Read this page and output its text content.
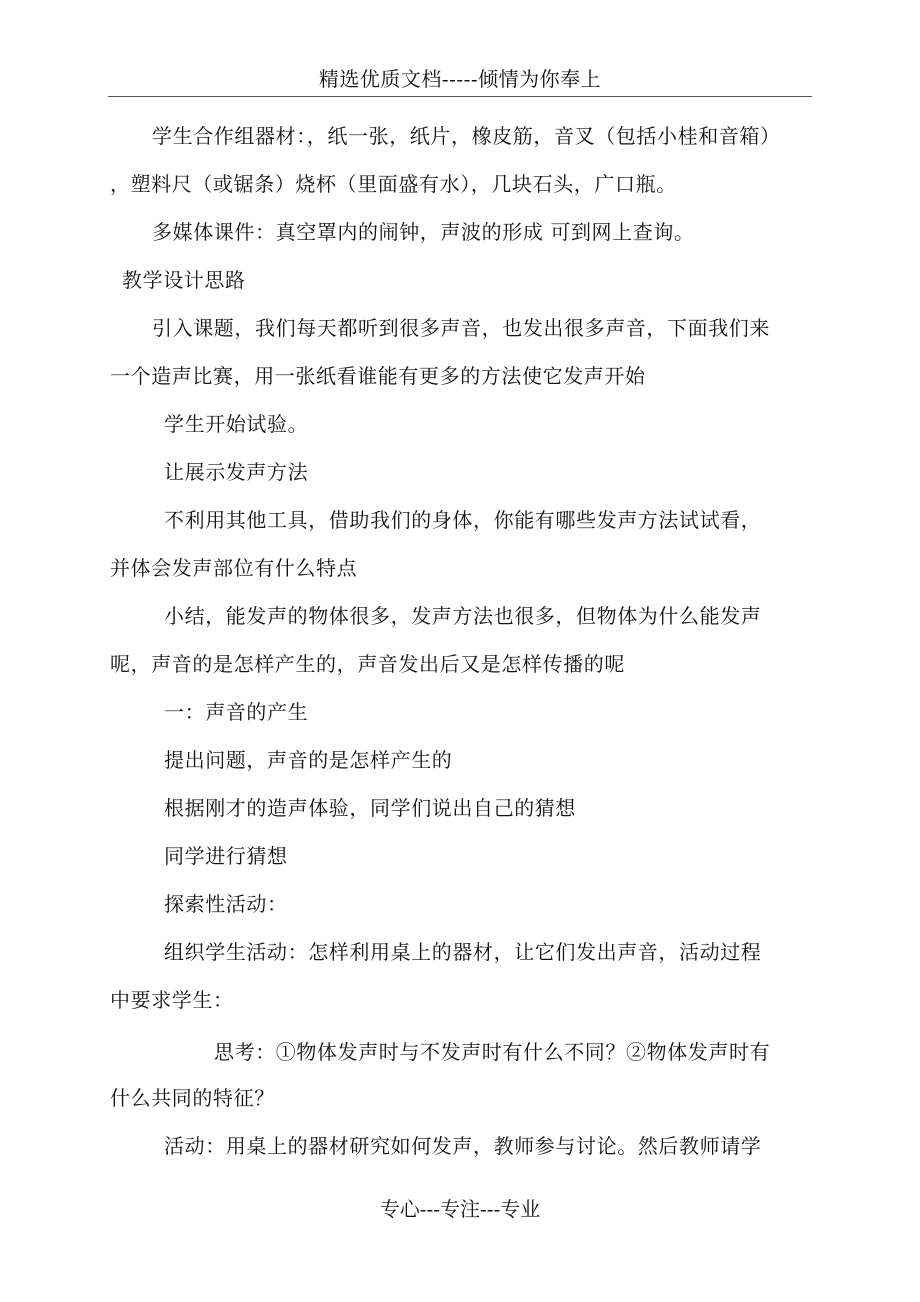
精选优质文档-----倾情为你奉上
学生合作组器材：，纸一张，纸片，橡皮筋，音叉（包括小桂和音箱）
，塑料尺（或锯条）烧杯（里面盛有水），几块石头，广口瓶。
多媒体课件：真空罩内的闹钟，声波的形成 可到网上查询。
教学设计思路
引入课题，我们每天都听到很多声音，也发出很多声音，下面我们来
一个造声比赛，用一张纸看谁能有更多的方法使它发声开始
学生开始试验。
让展示发声方法
不利用其他工具，借助我们的身体，你能有哪些发声方法试试看，
并体会发声部位有什么特点
小结，能发声的物体很多，发声方法也很多，但物体为什么能发声
呢，声音的是怎样产生的，声音发出后又是怎样传播的呢
一：声音的产生
提出问题，声音的是怎样产生的
根据刚才的造声体验，同学们说出自己的猜想
同学进行猜想
探索性活动：
组织学生活动：怎样利用桌上的器材，让它们发出声音，活动过程
中要求学生：
思考：①物体发声时与不发声时有什么不同？②物体发声时有
什么共同的特征？
活动：用桌上的器材研究如何发声，教师参与讨论。然后教师请学
专心---专注---专业
